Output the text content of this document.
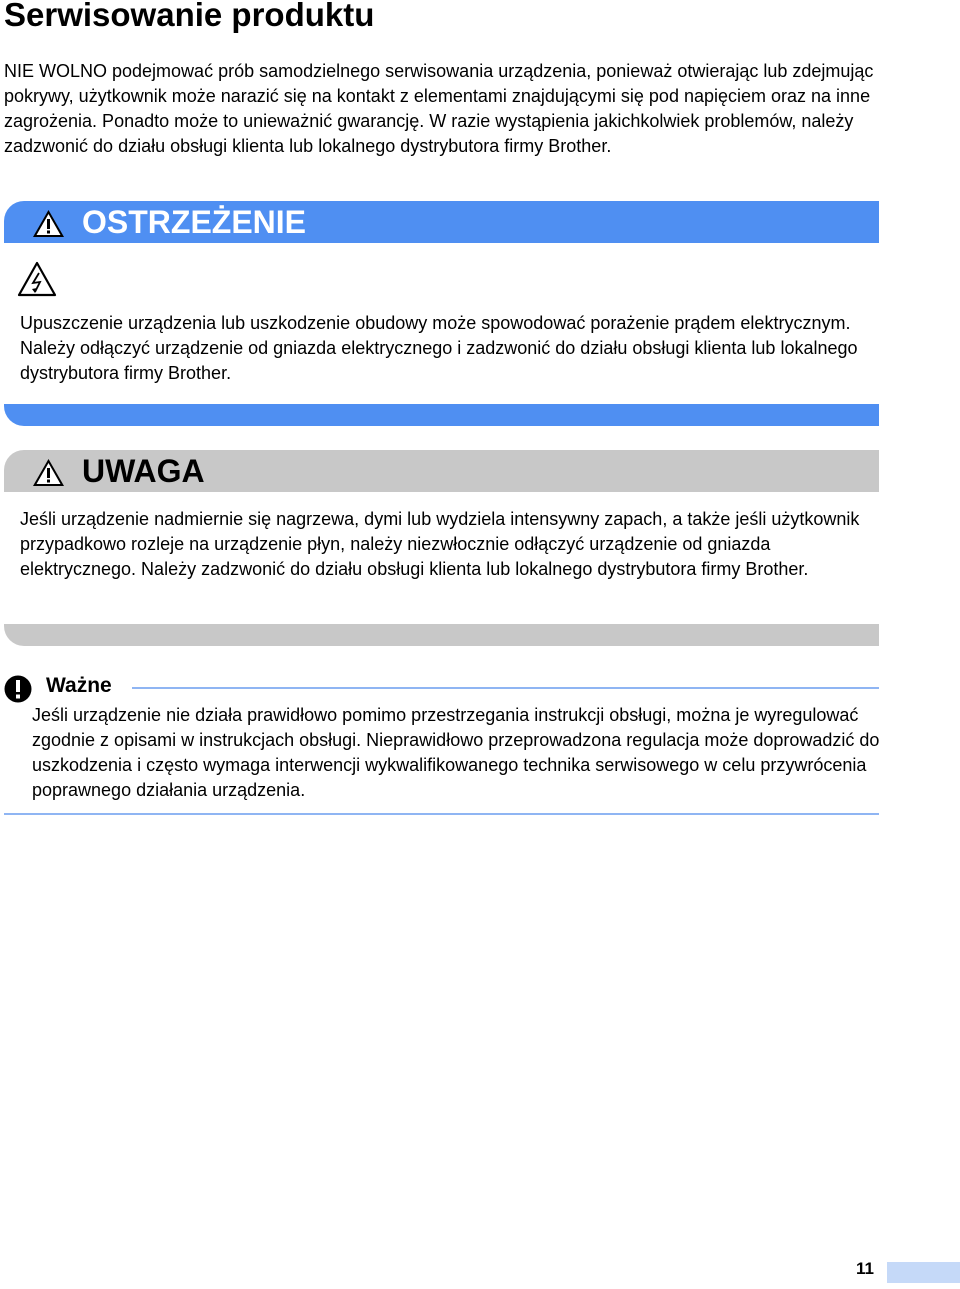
Serwisowanie produktu
NIE WOLNO podejmować prób samodzielnego serwisowania urządzenia, ponieważ otwierając lub zdejmując pokrywy, użytkownik może narazić się na kontakt z elementami znajdującymi się pod napięciem oraz na inne zagrożenia. Ponadto może to unieważnić gwarancję. W razie wystąpienia jakichkolwiek problemów, należy zadzwonić do działu obsługi klienta lub lokalnego dystrybutora firmy Brother.
OSTRZEŻENIE
Upuszczenie urządzenia lub uszkodzenie obudowy może spowodować porażenie prądem elektrycznym. Należy odłączyć urządzenie od gniazda elektrycznego i zadzwonić do działu obsługi klienta lub lokalnego dystrybutora firmy Brother.
UWAGA
Jeśli urządzenie nadmiernie się nagrzewa, dymi lub wydziela intensywny zapach, a także jeśli użytkownik przypadkowo rozleje na urządzenie płyn, należy niezwłocznie odłączyć urządzenie od gniazda elektrycznego. Należy zadzwonić do działu obsługi klienta lub lokalnego dystrybutora firmy Brother.
Ważne
Jeśli urządzenie nie działa prawidłowo pomimo przestrzegania instrukcji obsługi, można je wyregulować zgodnie z opisami w instrukcjach obsługi. Nieprawidłowo przeprowadzona regulacja może doprowadzić do uszkodzenia i często wymaga interwencji wykwalifikowanego technika serwisowego w celu przywrócenia poprawnego działania urządzenia.
11
